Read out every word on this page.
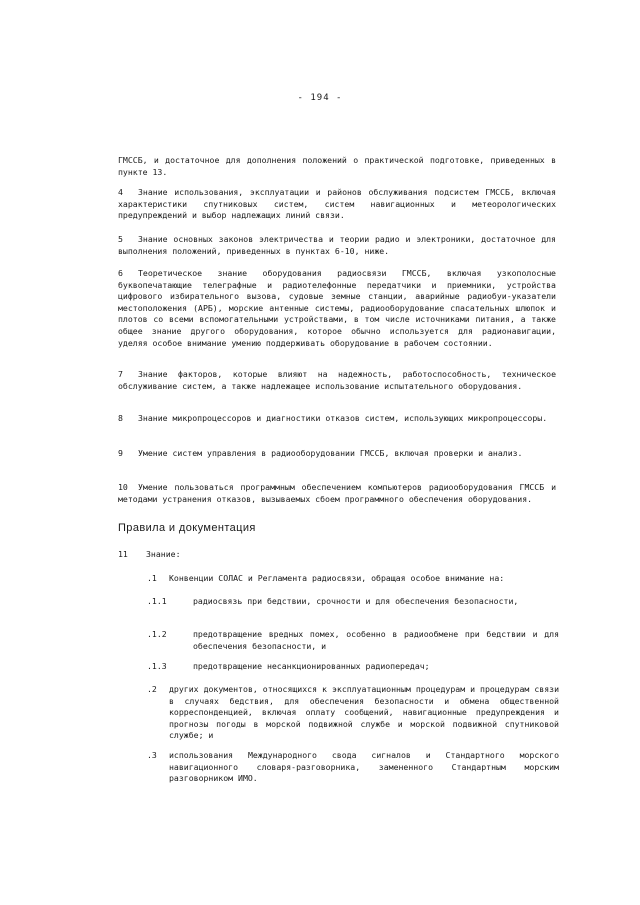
- 194 -
ГМССБ, и достаточное для дополнения положений о практической подготовке, приведенных в пункте 13.
4 Знание использования, эксплуатации и районов обслуживания подсистем ГМССБ, включая характеристики спутниковых систем, систем навигационных и метеорологических предупреждений и выбор надлежащих линий связи.
5 Знание основных законов электричества и теории радио и электроники, достаточное для выполнения положений, приведенных в пунктах 6-10, ниже.
6 Теоретическое знание оборудования радиосвязи ГМССБ, включая узкополосные буквопечатающие телеграфные и радиотелефонные передатчики и приемники, устройства цифрового избирательного вызова, судовые земные станции, аварийные радиобуи-указатели местоположения (АРБ), морские антенные системы, радиооборудование спасательных шлюпок и плотов со всеми вспомогательными устройствами, в том числе источниками питания, а также общее знание другого оборудования, которое обычно используется для радионавигации, уделяя особое внимание умению поддерживать оборудование в рабочем состоянии.
7 Знание факторов, которые влияют на надежность, работоспособность, техническое обслуживание систем, а также надлежащее использование испытательного оборудования.
8 Знание микропроцессоров и диагностики отказов систем, использующих микропроцессоры.
9 Умение систем управления в радиооборудовании ГМССБ, включая проверки и анализ.
10 Умение пользоваться программным обеспечением компьютеров радиооборудования ГМССБ и методами устранения отказов, вызываемых сбоем программного обеспечения оборудования.
Правила и документация
11 Знание:
.1 Конвенции СОЛАС и Регламента радиосвязи, обращая особое внимание на:
.1.1	радиосвязь при бедствии, срочности и для обеспечения безопасности,
.1.2	предотвращение вредных помех, особенно в радиообмене при бедствии и для обеспечения безопасности, и
.1.3	предотвращение несанкционированных радиопередач;
.2 других документов, относящихся к эксплуатационным процедурам и процедурам связи в случаях бедствия, для обеспечения безопасности и обмена общественной корреспонденцией, включая оплату сообщений, навигационные предупреждения и прогнозы погоды в морской подвижной службе и морской подвижной спутниковой службе; и
.3 использования Международного свода сигналов и Стандартного морского навигационного словаря-разговорника, замененного Стандартным морским разговорником ИМО.
